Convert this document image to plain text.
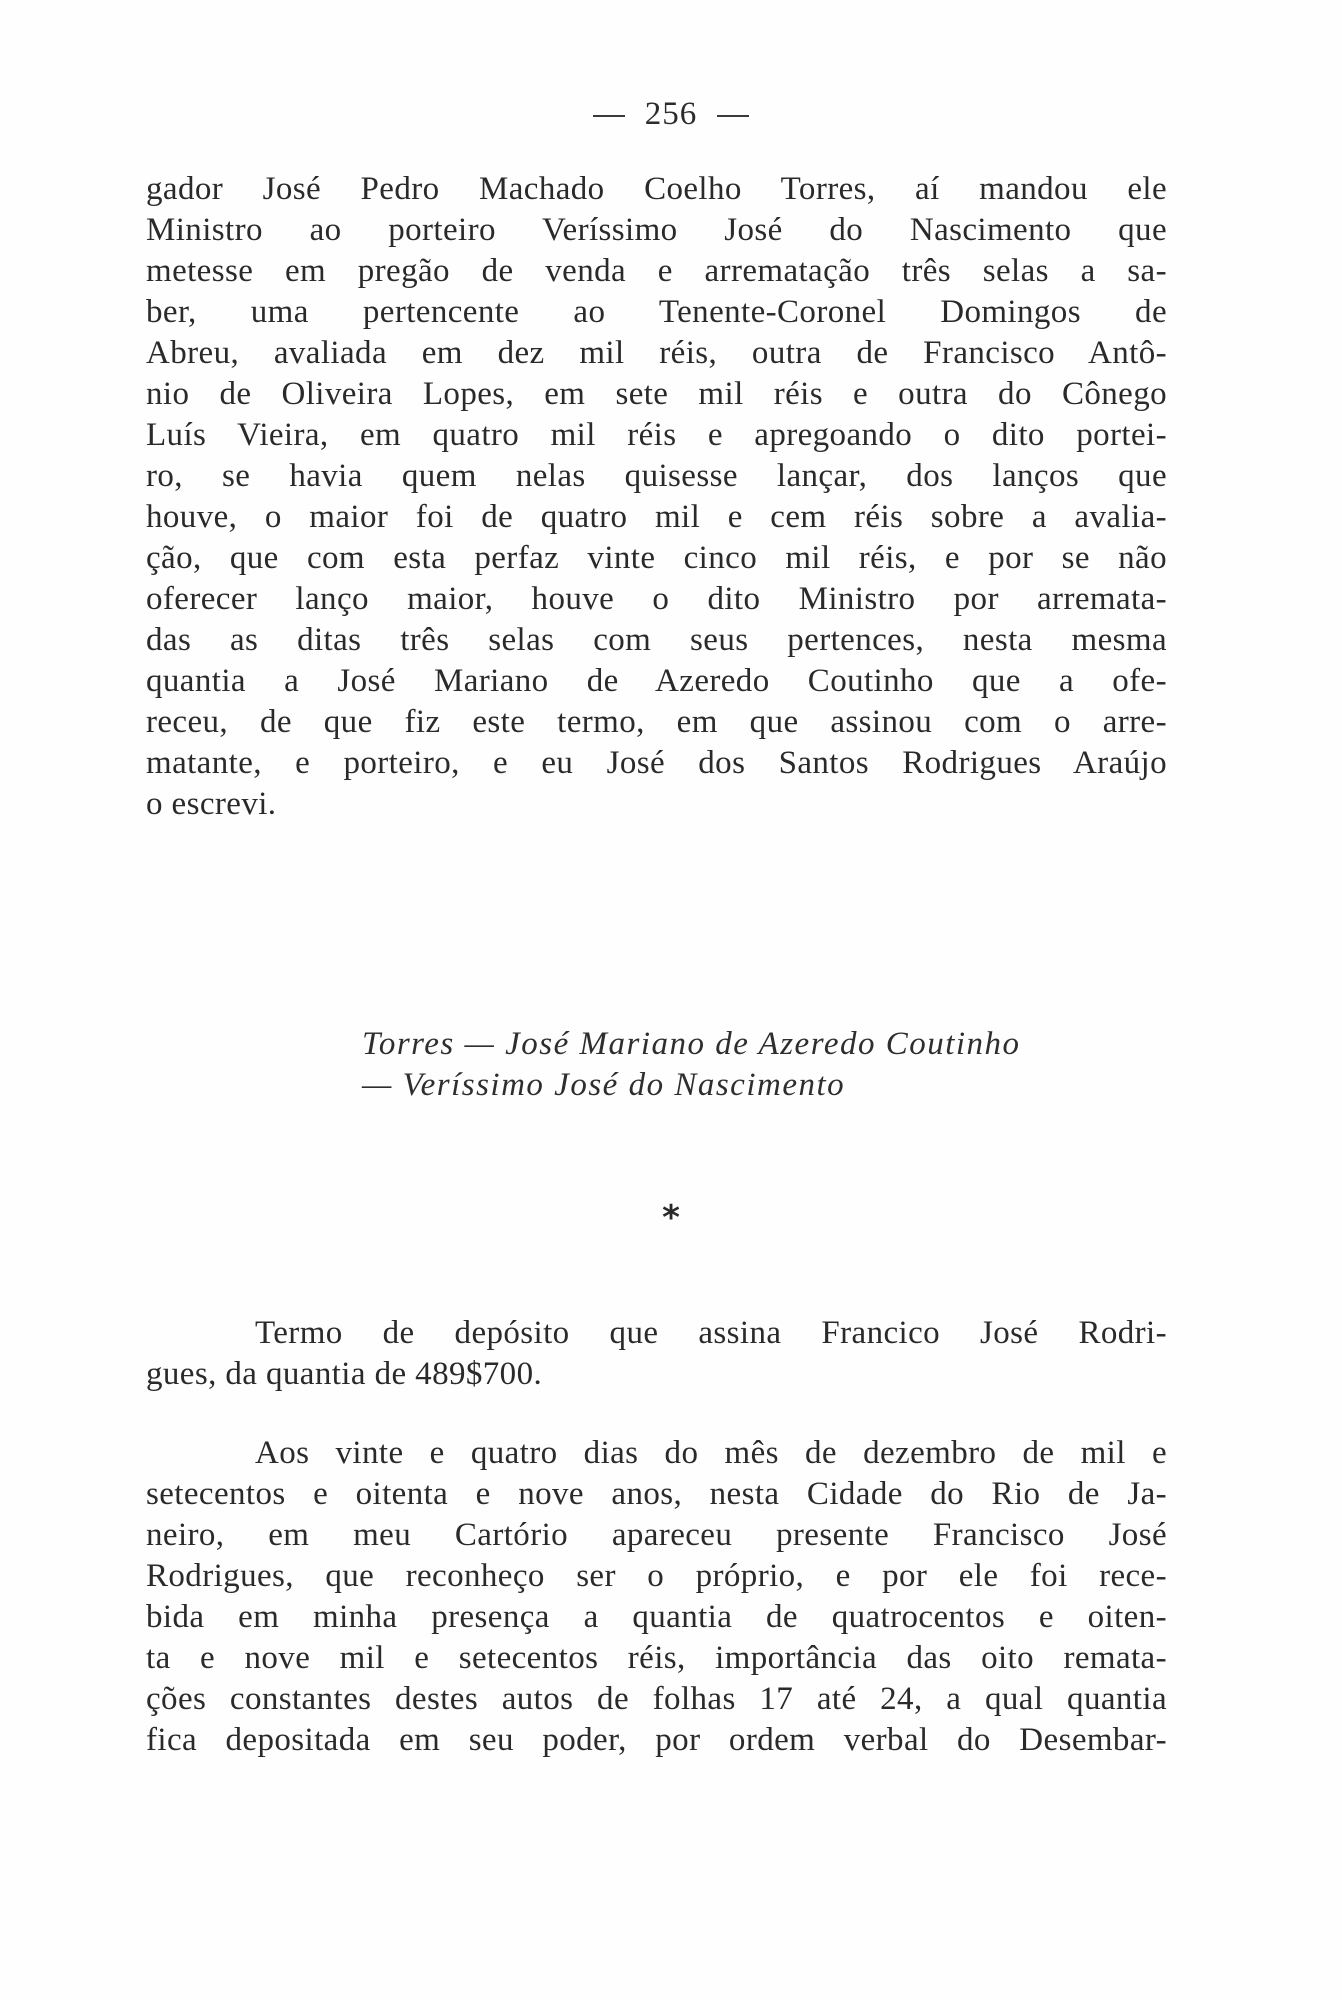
256
gador José Pedro Machado Coelho Torres, aí mandou ele
Ministro ao porteiro Veríssimo José do Nascimento que
metesse em pregão de venda e arrematação três selas a sa-
ber, uma pertencente ao Tenente-Coronel Domingos de
Abreu, avaliada em dez mil réis, outra de Francisco Antô-
nio de Oliveira Lopes, em sete mil réis e outra do Cônego
Luís Vieira, em quatro mil réis e apregoando o dito portei-
ro, se havia quem nelas quisesse lançar, dos lanços que
houve, o maior foi de quatro mil e cem réis sobre a avalia-
ção, que com esta perfaz vinte cinco mil réis, e por se não
oferecer lanço maior, houve o dito Ministro por arremata-
das as ditas três selas com seus pertences, nesta mesma
quantia a José Mariano de Azeredo Coutinho que a ofe-
receu, de que fiz este termo, em que assinou com o arre-
matante, e porteiro, e eu José dos Santos Rodrigues Araújo
o escrevi.
Torres — José Mariano de Azeredo Coutinho
— Veríssimo José do Nascimento
*
Termo de depósito que assina Francico José Rodri-
gues, da quantia de 489$700.
Aos vinte e quatro dias do mês de dezembro de mil e
setecentos e oitenta e nove anos, nesta Cidade do Rio de Ja-
neiro, em meu Cartório apareceu presente Francisco José
Rodrigues, que reconheço ser o próprio, e por ele foi rece-
bida em minha presença a quantia de quatrocentos e oiten-
ta e nove mil e setecentos réis, importância das oito remata-
ções constantes destes autos de folhas 17 até 24, a qual quantia
fica depositada em seu poder, por ordem verbal do Desembar-
